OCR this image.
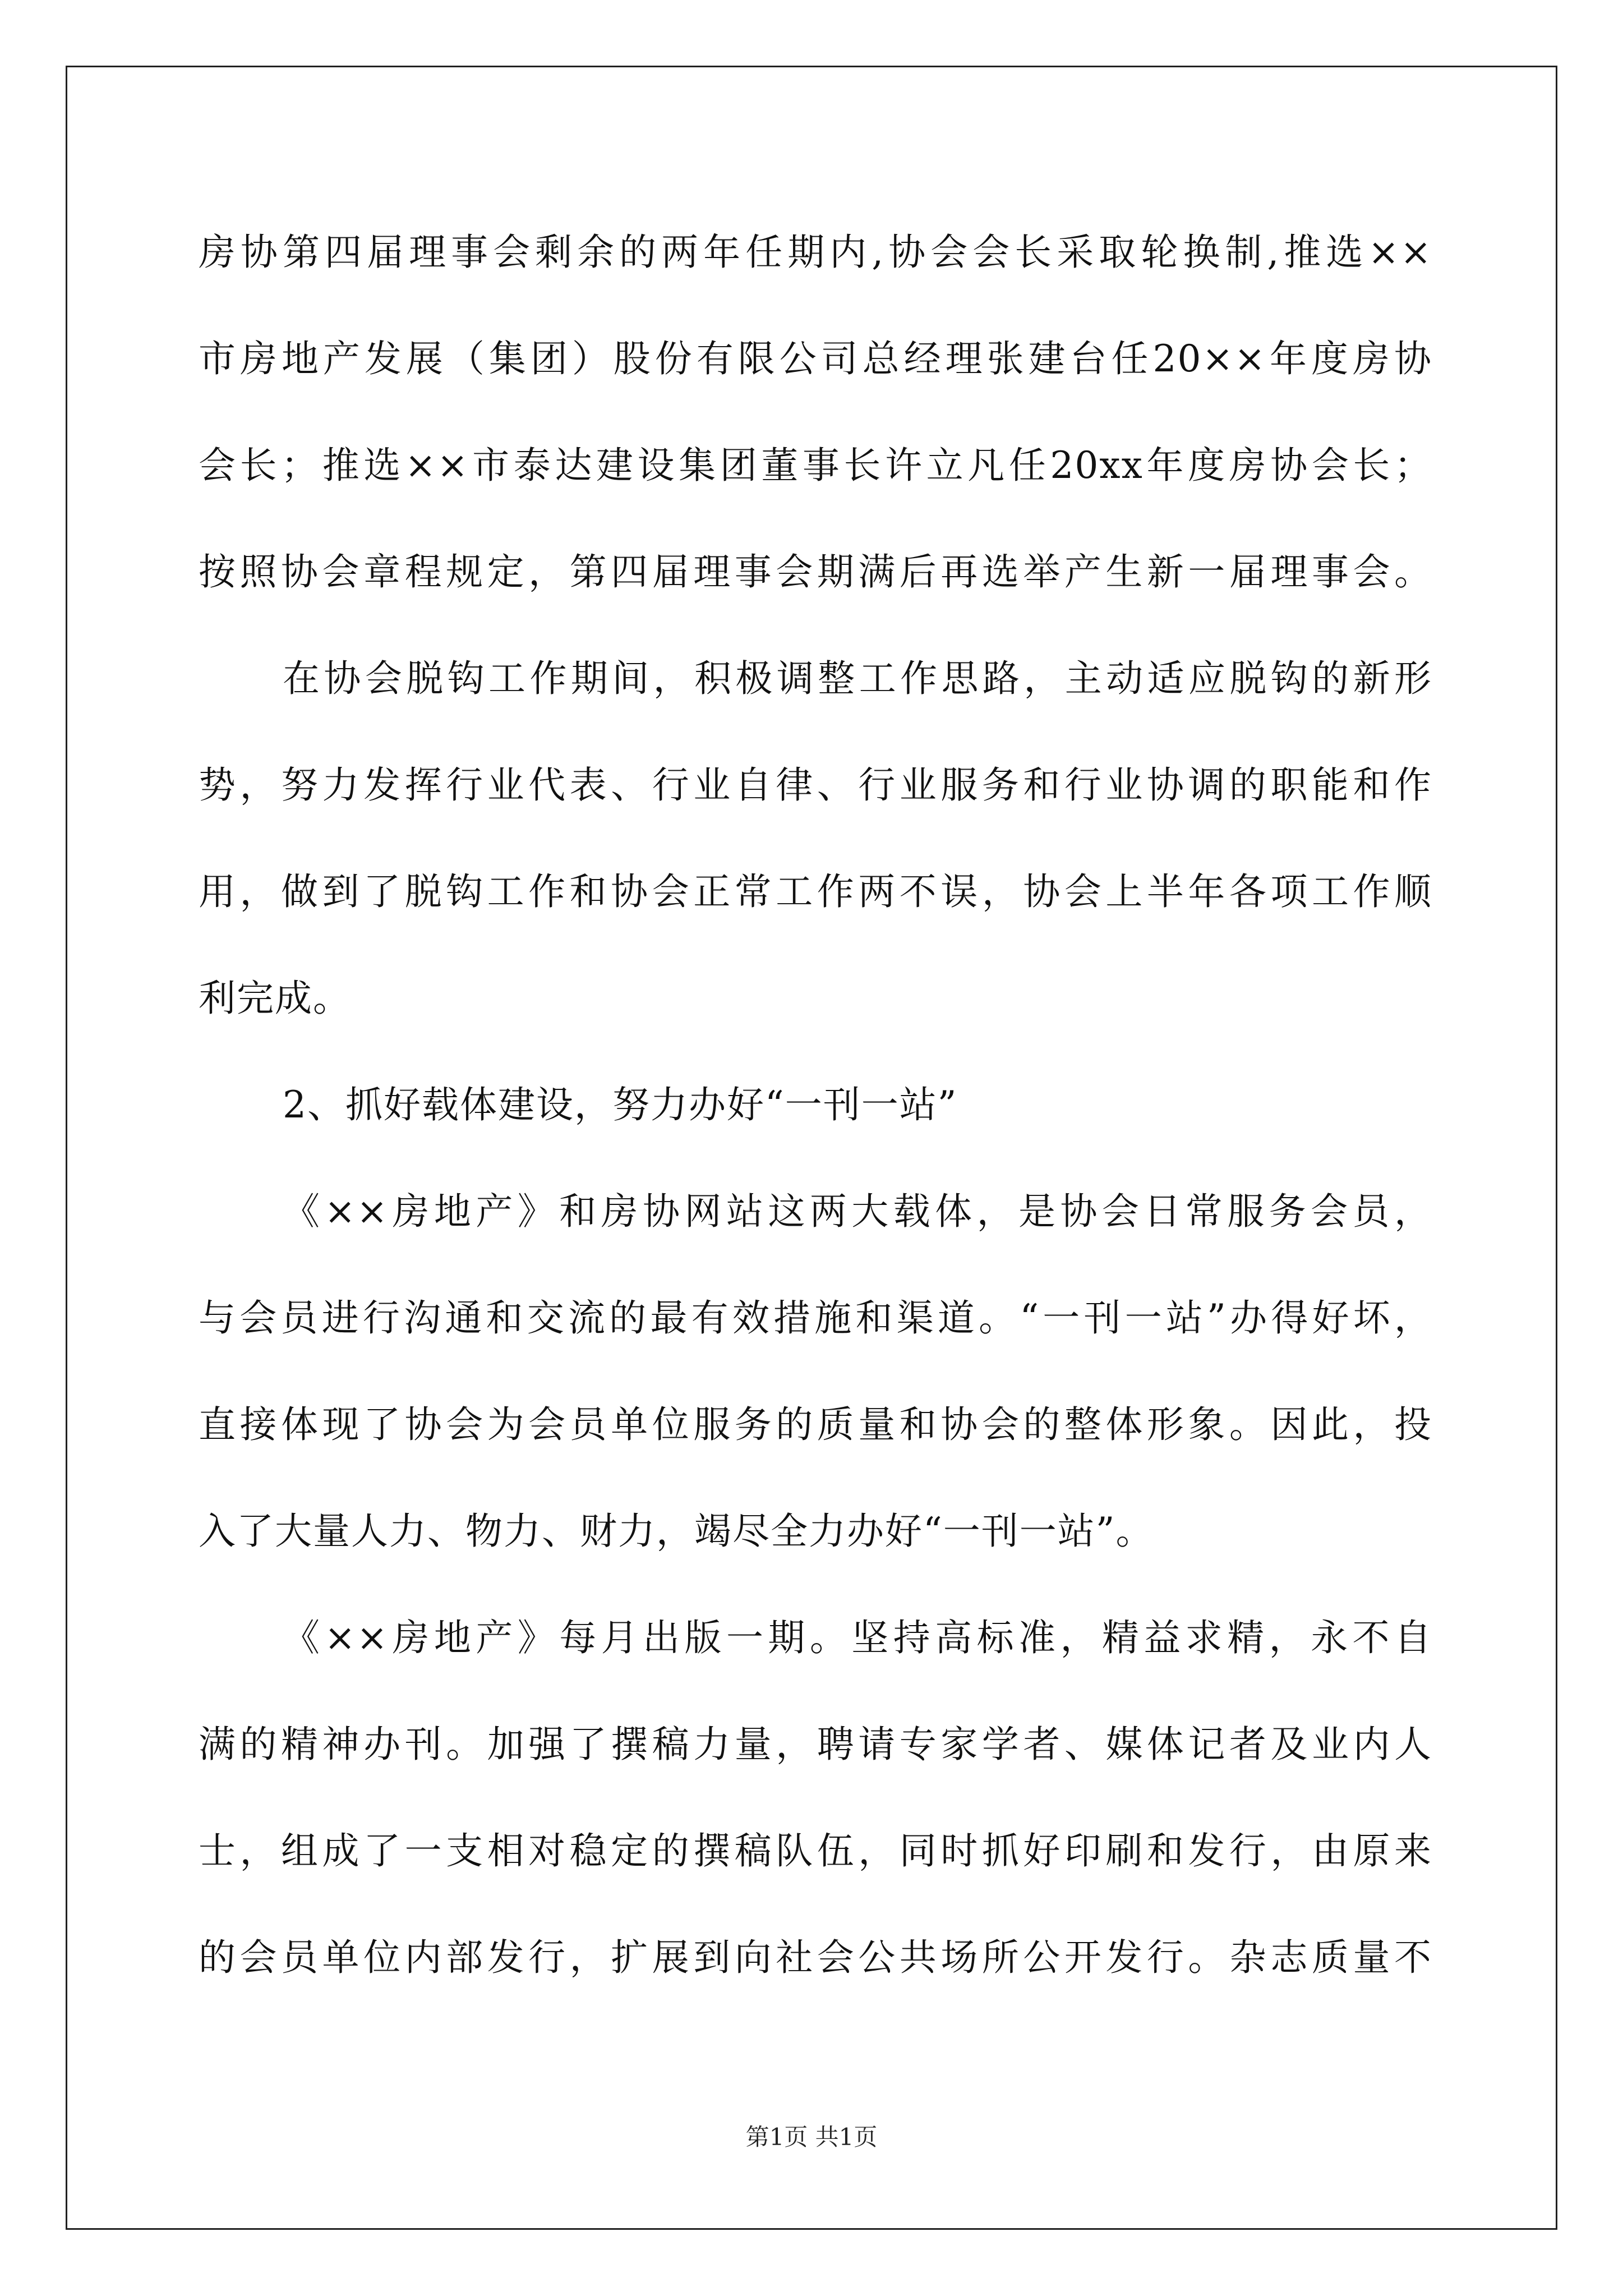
房协第四届理事会剩余的两年任期内,协会会长采取轮换制,推选××
市房地产发展（集团）股份有限公司总经理张建台任20××年度房协
会长；推选××市泰达建设集团董事长许立凡任20xx年度房协会长；
按照协会章程规定，第四届理事会期满后再选举产生新一届理事会。
在协会脱钩工作期间，积极调整工作思路，主动适应脱钩的新形
势，努力发挥行业代表、行业自律、行业服务和行业协调的职能和作
用，做到了脱钩工作和协会正常工作两不误，协会上半年各项工作顺
利完成。
2、抓好载体建设，努力办好“一刊一站”
《××房地产》和房协网站这两大载体，是协会日常服务会员，
与会员进行沟通和交流的最有效措施和渠道。“一刊一站”办得好坏，
直接体现了协会为会员单位服务的质量和协会的整体形象。因此，投
入了大量人力、物力、财力，竭尽全力办好“一刊一站”。
《××房地产》每月出版一期。坚持高标准，精益求精，永不自
满的精神办刊。加强了撰稿力量，聘请专家学者、媒体记者及业内人
士，组成了一支相对稳定的撰稿队伍，同时抓好印刷和发行，由原来
的会员单位内部发行，扩展到向社会公共场所公开发行。杂志质量不
第1页 共1页
